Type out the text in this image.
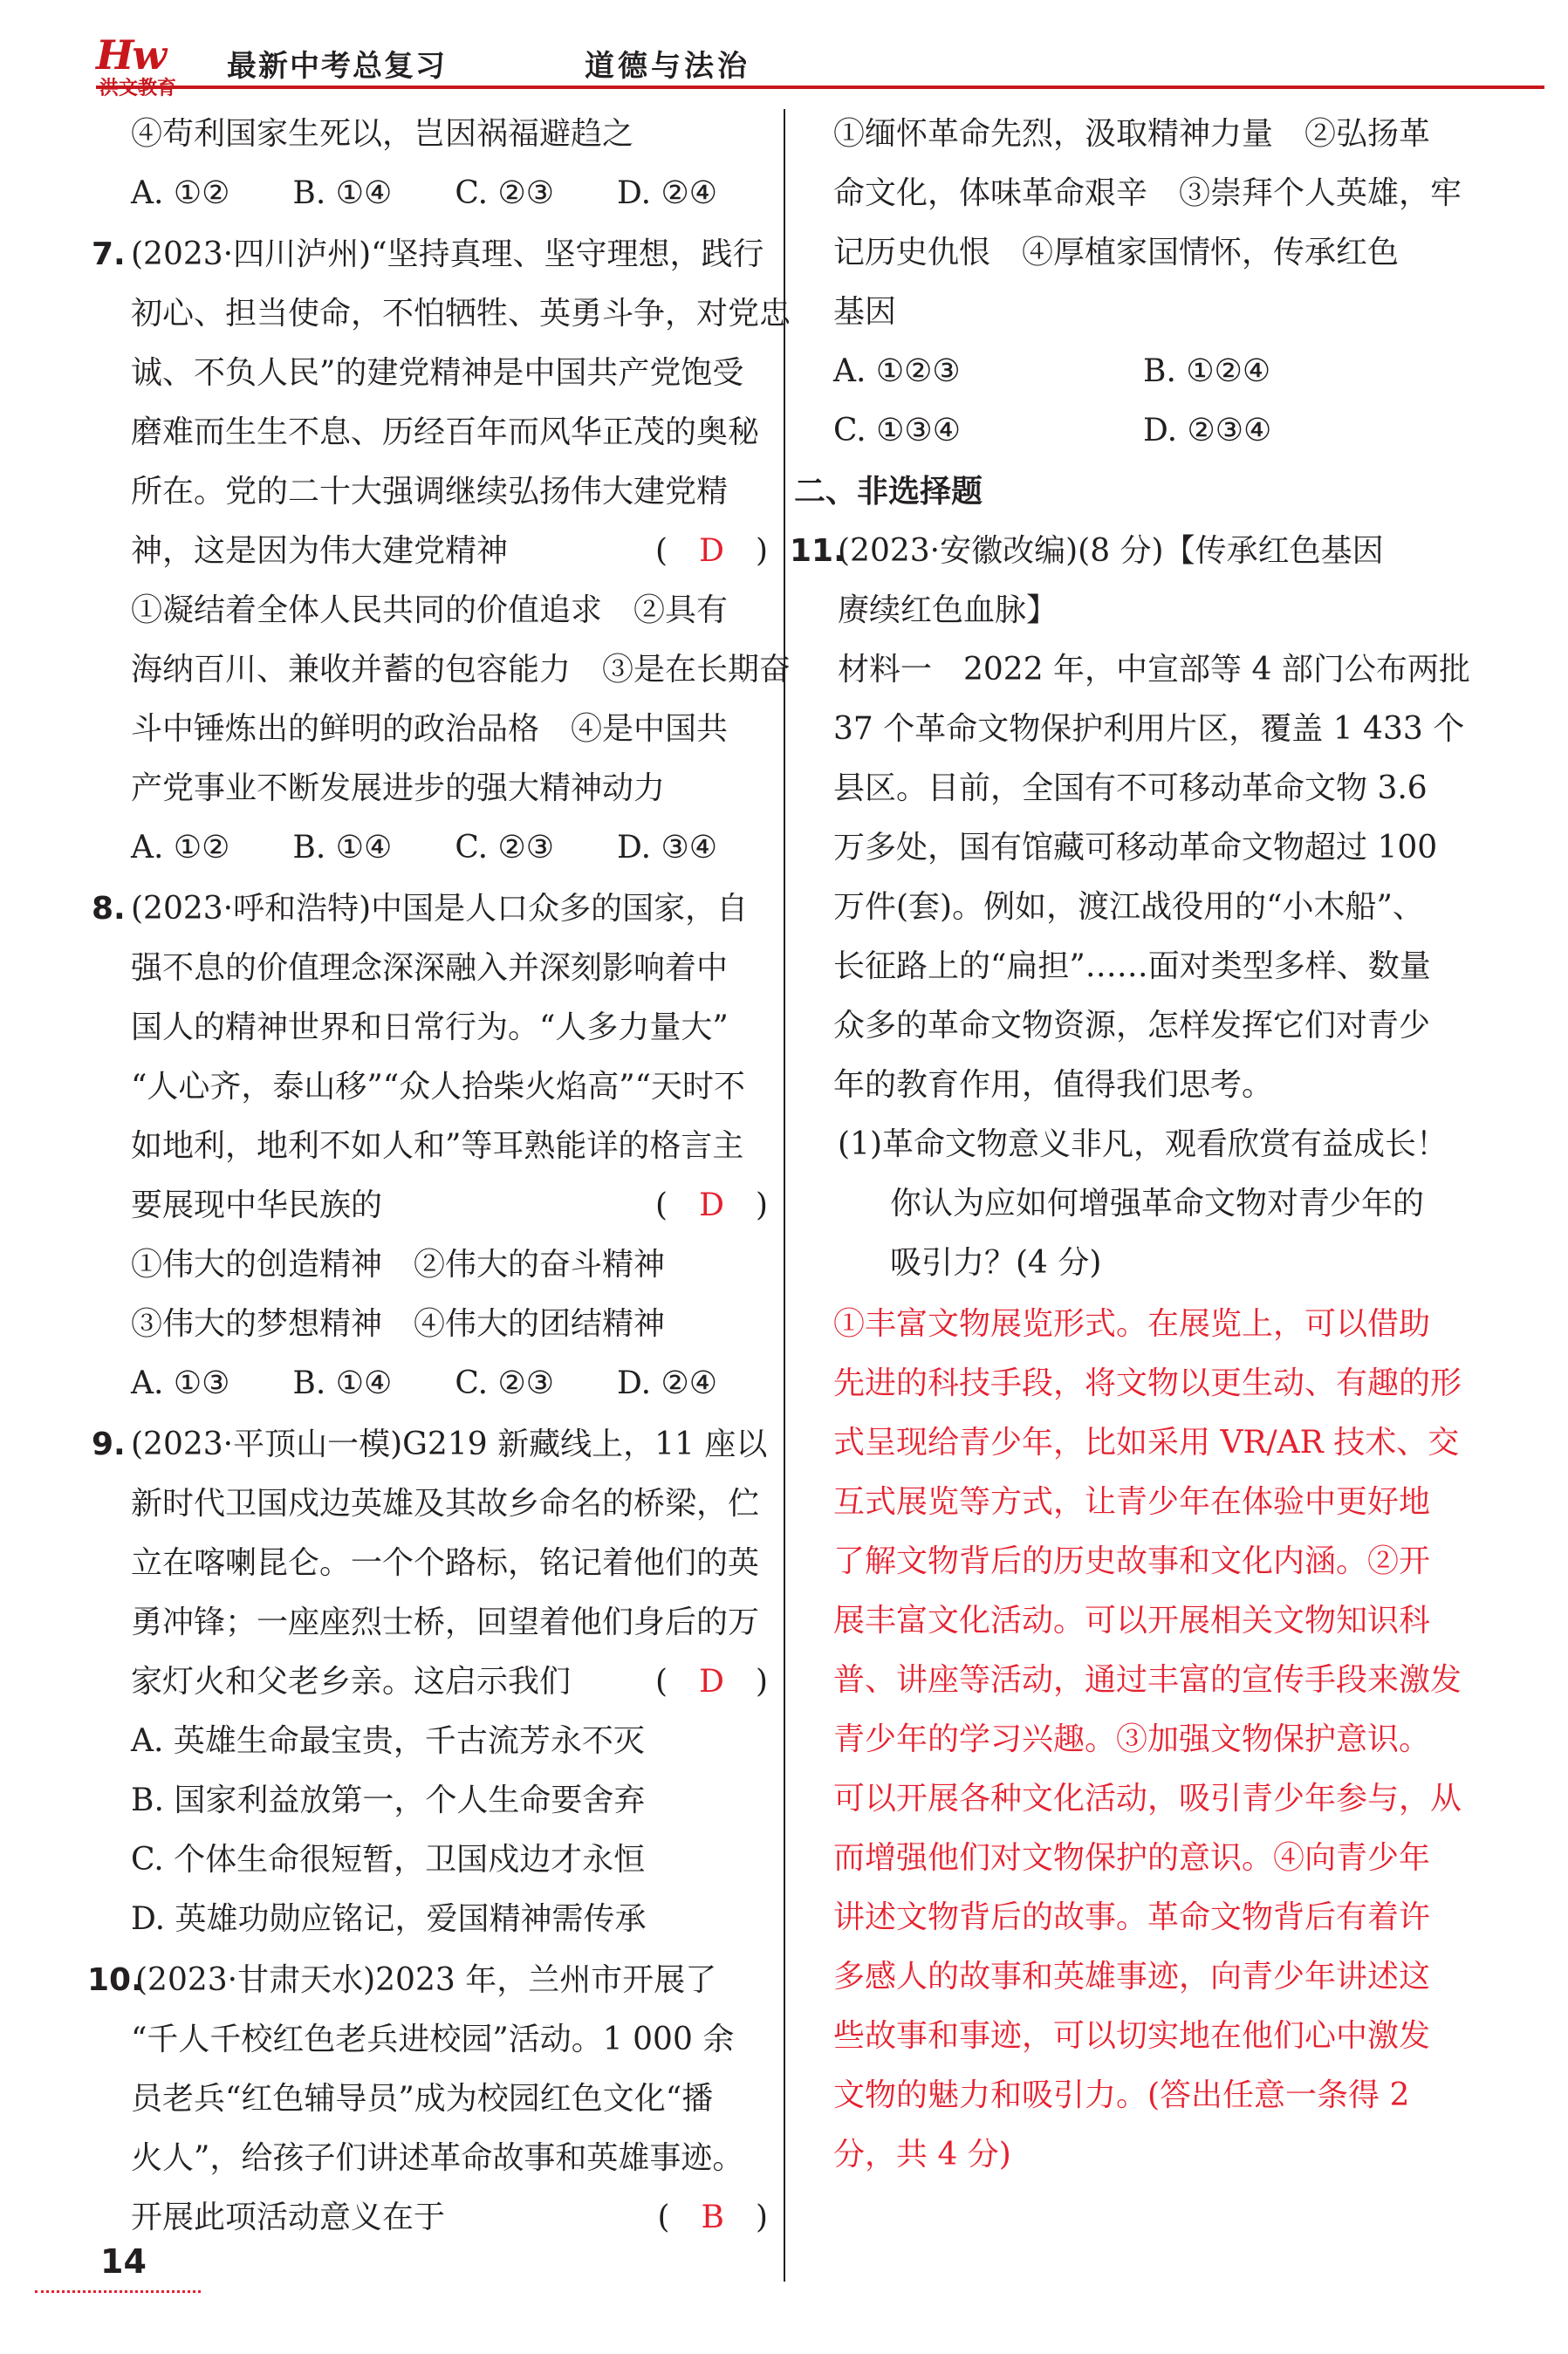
Hw 最新中考总复习	道德与法治
④苟利国家生死以，岂因祸福避趋之
A. ①②　　B. ①④　　C. ②③　　D. ②④
7. (2023·四川泸州)“坚持真理、坚守理想，践行
初心、担当使命，不怕牺牲、英勇斗争，对党忠
诚、不负人民”的建党精神是中国共产党饱受
磨难而生生不息、历经百年而风华正茂的奥秘
所在。党的二十大强调继续弘扬伟大建党精
神，这是因为伟大建党精神	(　D　)
①凝结着全体人民共同的价值追求　②具有
海纳百川、兼收并蓄的包容能力　③是在长期奋
斗中锤炼出的鲜明的政治品格　④是中国共
产党事业不断发展进步的强大精神动力
A. ①②　　B. ①④　　C. ②③　　D. ③④
8. (2023·呼和浩特)中国是人口众多的国家，自
强不息的价值理念深深融入并深刻影响着中
国人的精神世界和日常行为。“人多力量大”
“人心齐，泰山移”“众人拾柴火焰高”“天时不
如地利，地利不如人和”等耳熟能详的格言主
要展现中华民族的	(　D　)
①伟大的创造精神　②伟大的奋斗精神
③伟大的梦想精神　④伟大的团结精神
A. ①③　　B. ①④　　C. ②③　　D. ②④
9. (2023·平顶山一模)G219 新藏线上，11 座以
新时代卫国戍边英雄及其故乡命名的桥梁，伫
立在喀喇昆仑。一个个路标，铭记着他们的英
勇冲锋；一座座烈士桥，回望着他们身后的万
家灯火和父老乡亲。这启示我们	(　D　)
A. 英雄生命最宝贵，千古流芳永不灭
B. 国家利益放第一，个人生命要舍弃
C. 个体生命很短暂，卫国戍边才永恒
D. 英雄功勋应铭记，爱国精神需传承
10.
(2023·甘肃天水)2023 年，兰州市开展了
“千人千校红色老兵进校园”活动。1 000 余
员老兵“红色辅导员”成为校园红色文化“播
火人”，给孩子们讲述革命故事和英雄事迹。
开展此项活动意义在于	(　B　)
①缅怀革命先烈，汲取精神力量　②弘扬革
命文化，体味革命艰辛　③崇拜个人英雄，牢
记历史仇恨　④厚植家国情怀，传承红色
基因
A. ①②③	B. ①②④
C. ①③④	D. ②③④
二、非选择题
11.
(2023·安徽改编)(8 分)【传承红色基因
赓续红色血脉】
材料一　2022 年，中宣部等 4 部门公布两批
37 个革命文物保护利用片区，覆盖 1 433 个
县区。目前，全国有不可移动革命文物 3.6
万多处，国有馆藏可移动革命文物超过 100
万件(套)。例如，渡江战役用的“小木船”、
长征路上的“扁担”……面对类型多样、数量
众多的革命文物资源，怎样发挥它们对青少
年的教育作用，值得我们思考。
(1)革命文物意义非凡，观看欣赏有益成长！
你认为应如何增强革命文物对青少年的
吸引力？(4 分)
①丰富文物展览形式。在展览上，可以借助
先进的科技手段，将文物以更生动、有趣的形
式呈现给青少年，比如采用 VR/AR 技术、交
互式展览等方式，让青少年在体验中更好地
了解文物背后的历史故事和文化内涵。②开
展丰富文化活动。可以开展相关文物知识科
普、讲座等活动，通过丰富的宣传手段来激发
青少年的学习兴趣。③加强文物保护意识。
可以开展各种文化活动，吸引青少年参与，从
而增强他们对文物保护的意识。④向青少年
讲述文物背后的故事。革命文物背后有着许
多感人的故事和英雄事迹，向青少年讲述这
些故事和事迹，可以切实地在他们心中激发
文物的魅力和吸引力。(答出任意一条得 2
分，共 4 分)
14
